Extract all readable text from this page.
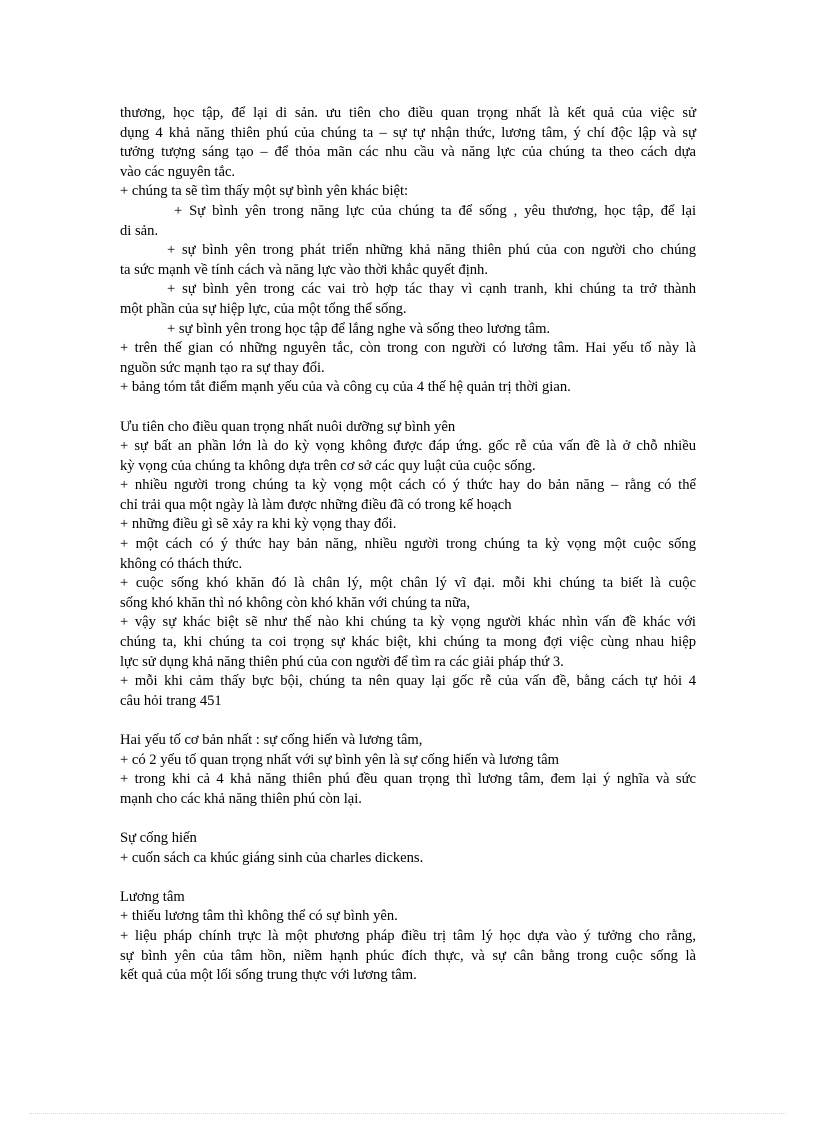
thương, học tập, để lại di sản. ưu tiên cho điều quan trọng nhất là kết quả của việc sử
dụng 4 khả năng thiên phú của chúng ta – sự tự nhận thức, lương tâm, ý chí độc lập và sự
tưởng tượng sáng tạo – để thỏa mãn các nhu cầu và năng lực của chúng ta theo cách dựa
vào các nguyên tắc.
+ chúng ta sẽ tìm thấy một sự bình yên khác biệt:
+ Sự bình yên trong năng lực của chúng ta để sống , yêu thương, học tập, để lại
di sản.
+ sự bình yên trong phát triển những khả năng thiên phú của con người cho chúng
ta sức mạnh về tính cách và năng lực vào thời khắc quyết định.
+ sự bình yên trong các vai trò hợp tác thay vì cạnh tranh, khi chúng ta trở thành
một phần của sự hiệp lực, của một tổng thể sống.
+ sự bình yên trong học tập để lắng nghe và sống theo lương tâm.
+ trên thế gian có những nguyên tắc, còn trong con người có lương tâm. Hai yếu tố này là
nguồn sức mạnh tạo ra sự thay đổi.
+ bảng tóm tắt điểm mạnh yếu của và công cụ của 4 thế hệ quản trị thời gian.
Ưu tiên cho điều quan trọng nhất nuôi dưỡng sự bình yên
+ sự bất an phần lớn là do kỳ vọng không được đáp ứng. gốc rễ của vấn đề là ở chỗ nhiều
kỳ vọng của chúng ta không dựa trên cơ sở các quy luật của cuộc sống.
+ nhiều người trong chúng ta kỳ vọng một cách có ý thức hay do bản năng – rằng có thể
chỉ trải qua một ngày là làm được những điều đã có trong kế hoạch
+ những điều gì sẽ xảy ra khi kỳ vọng thay đổi.
+ một cách có ý thức hay bản năng, nhiều người trong chúng ta kỳ vọng một cuộc sống
không có thách thức.
+ cuộc sống khó khăn đó là chân lý, một chân lý vĩ đại. mỗi khi chúng ta biết là cuộc
sống khó khăn thì nó không còn khó khăn với chúng ta nữa,
+ vậy sự khác biệt sẽ như thế nào khi chúng ta kỳ vọng người khác nhìn vấn đề khác với
chúng ta, khi chúng ta coi trọng sự khác biệt, khi chúng ta mong đợi việc cùng nhau hiệp
lực sử dụng khả năng thiên phú của con người để tìm ra các giải pháp thứ 3.
+ mỗi khi cảm thấy bực bội, chúng ta nên quay lại gốc rễ của vấn đề, bằng cách tự hỏi 4
câu hỏi trang 451
Hai yếu tố cơ bản nhất : sự cống hiến và lương tâm,
+ có 2 yếu tố quan trọng nhất với sự bình yên là sự cống hiến và lương tâm
+ trong khi cả 4 khả năng thiên phú đều quan trọng thì lương tâm, đem lại ý nghĩa và sức
mạnh cho các khả năng thiên phú còn lại.
Sự cống hiến
+ cuốn sách ca khúc giáng sinh của charles dickens.
Lương tâm
+ thiếu lương tâm thì không thể có sự bình yên.
+ liệu pháp chính trực là một phương pháp điều trị tâm lý học dựa vào ý tưởng cho rằng,
sự bình yên của tâm hồn, niềm hạnh phúc đích thực, và sự cân bằng trong cuộc sống là
kết quả của một lối sống trung thực với lương tâm.
